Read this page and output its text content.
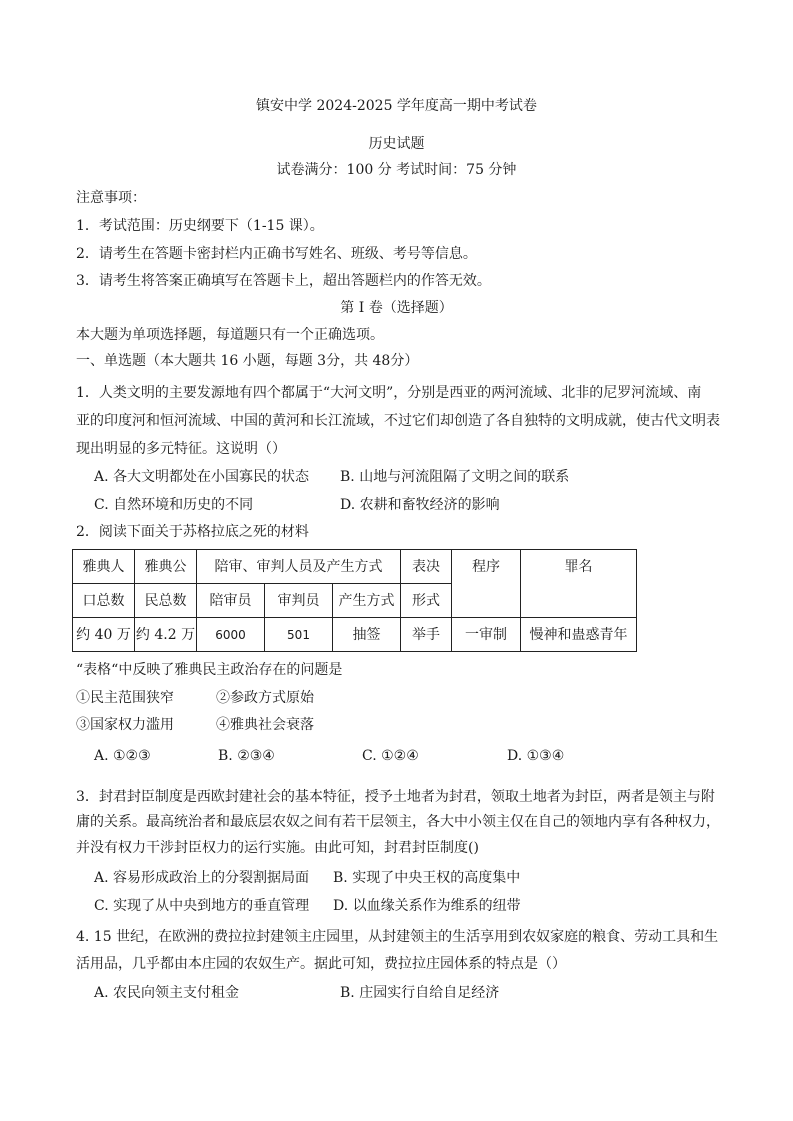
镇安中学 2024-2025 学年度高一期中考试卷
历史试题
试卷满分：100 分 考试时间：75 分钟
注意事项：
1．考试范围：历史纲要下（1-15 课）。
2．请考生在答题卡密封栏内正确书写姓名、班级、考号等信息。
3．请考生将答案正确填写在答题卡上，超出答题栏内的作答无效。
第 I 卷（选择题）
本大题为单项选择题，每道题只有一个正确选项。
一、单选题（本大题共 16 小题，每题 3分，共 48分）
1．人类文明的主要发源地有四个都属于“大河文明”，分别是西亚的两河流域、北非的尼罗河流域、南
亚的印度河和恒河流域、中国的黄河和长江流域，不过它们却创造了各自独特的文明成就，使古代文明表
现出明显的多元特征。这说明（）
A. 各大文明都处在小国寡民的状态 B. 山地与河流阻隔了文明之间的联系
C. 自然环境和历史的不同	D. 农耕和畜牧经济的影响
2．阅读下面关于苏格拉底之死的材料
雅典人	雅典公	陪审、审判人员及产生方式			表决	程序	罪名
口总数	民总数	陪审员	审判员	产生方式	形式		
约 40 万	约 4.2 万	6000	501	抽签	举手	一审制	慢神和蛊惑青年
“表格“中反映了雅典民主政治存在的问题是
①民主范围狭窄	②参政方式原始
③国家权力滥用	④雅典社会衰落
A. ①②③	B. ②③④	C. ①②④	D. ①③④
3．封君封臣制度是西欧封建社会的基本特征，授予土地者为封君，领取土地者为封臣，两者是领主与附
庸的关系。最高统治者和最底层农奴之间有若干层领主，各大中小领主仅在自己的领地内享有各种权力，
并没有权力干涉封臣权力的运行实施。由此可知，封君封臣制度()
A. 容易形成政治上的分裂割据局面 B. 实现了中央王权的高度集中
C. 实现了从中央到地方的垂直管理 D. 以血缘关系作为维系的纽带
4. 15 世纪，在欧洲的费拉拉封建领主庄园里，从封建领主的生活享用到农奴家庭的粮食、劳动工具和生
活用品，几乎都由本庄园的农奴生产。据此可知，费拉拉庄园体系的特点是（）
A. 农民向领主支付租金	B. 庄园实行自给自足经济
